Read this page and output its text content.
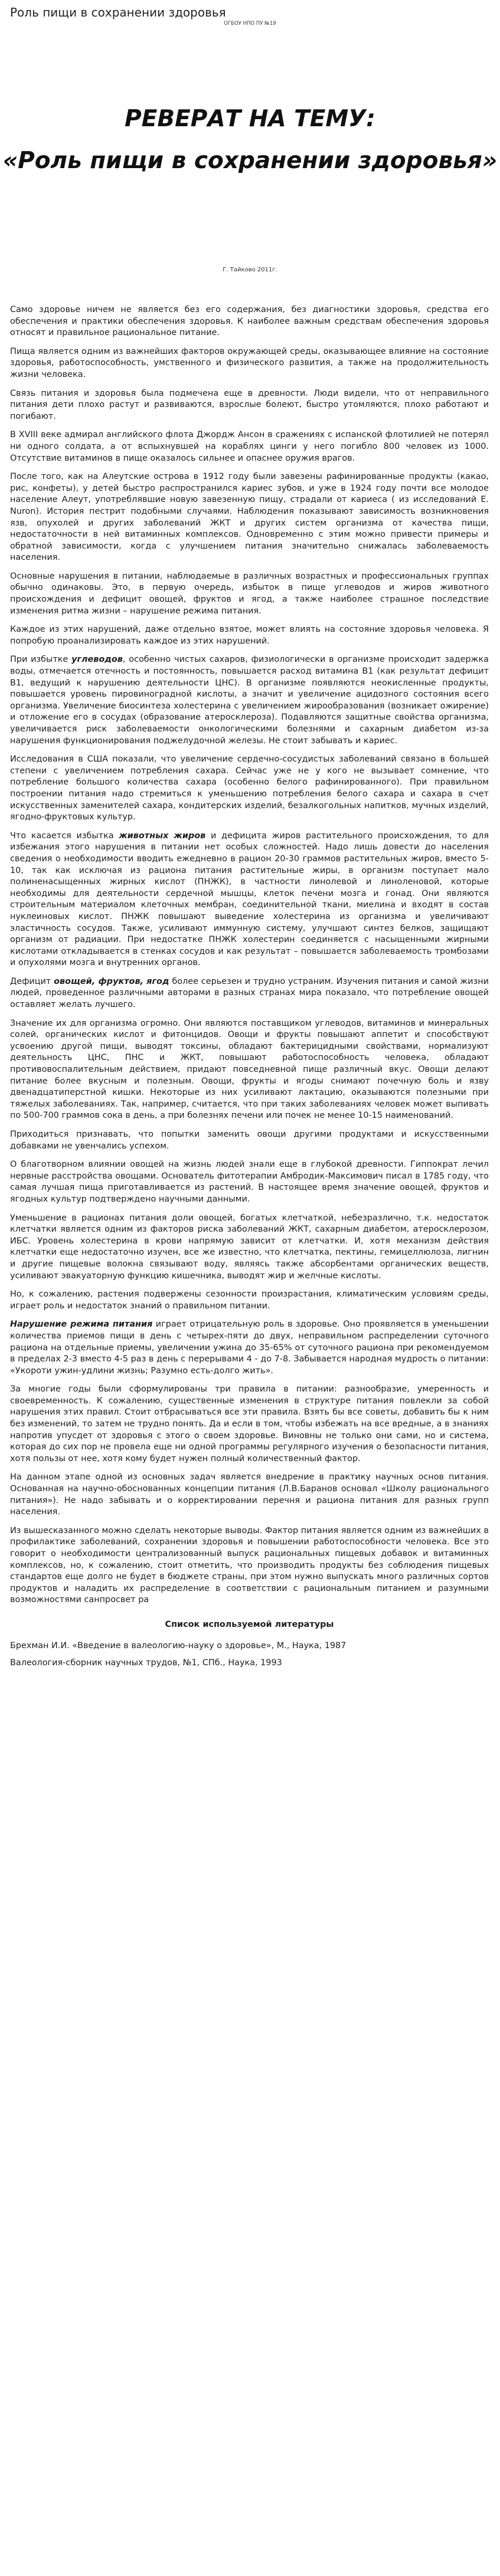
Роль пищи в сохранении здоровья
ОГБОУ НПО ПУ №19
РЕВЕРАТ НА ТЕМУ:
«Роль пищи в сохранении здоровья»
Г. Тайково 2011г.

Само здоровье ничем не является без его содержания, без диагностики здоровья, средства его обеспечения и практики обеспечения здоровья. К наиболее важным средствам обеспечения здоровья относят и правильное рациональное питание.

Пища является одним из важнейших факторов окружающей среды, оказывающее влияние на состояние здоровья, работоспособность, умственного и физического развития, а также на продолжительность жизни человека.

Связь питания и здоровья была подмечена еще в древности. Люди видели, что от неправильного питания дети плохо растут и развиваются, взрослые болеют, быстро утомляются, плохо работают и погибают.

В XVIII веке адмирал английского флота Джордж Ансон в сражениях с испанской флотилией не потерял ни одного солдата, а от вспыхнувшей на кораблях цинги у него погибло 800 человек из 1000. Отсутствие витаминов в пище оказалось сильнее и опаснее оружия врагов.

После того, как на Алеутские острова в 1912 году были завезены рафинированные продукты (какао, рис, конфеты), у детей быстро распространился кариес зубов, и уже в 1924 году почти все молодое население Алеут, употреблявшие новую завезенную пищу, страдали от кариеса ( из исследований Е. Nuron). История пестрит подобными случаями. Наблюдения показывают зависимость возникновения язв, опухолей и других заболеваний ЖКТ и других систем организма от качества пищи, недостаточности в ней витаминных комплексов. Одновременно с этим можно привести примеры и обратной зависимости, когда с улучшением питания значительно снижалась заболеваемость населения.

Основные нарушения в питании, наблюдаемые в различных возрастных и профессиональных группах обычно одинаковы. Это, в первую очередь, избыток в пище углеводов и жиров животного происхождения и дефицит овощей, фруктов и ягод, а также наиболее страшное последствие изменения ритма жизни – нарушение режима питания.

Каждое из этих нарушений, даже отдельно взятое, может влиять на состояние здоровья человека. Я попробую проанализировать каждое из этих нарушений.

При избытке углеводов, особенно чистых сахаров, физиологически в организме происходит задержка воды, отмечается отечность и постоянность, повышается расход витамина B1 (как результат дефицит B1, ведущий к нарушению деятельности ЦНС). В организме появляются неокисленные продукты, повышается уровень пировиноградной кислоты, а значит и увеличение ацидозного состояния всего организма. Увеличение биосинтеза холестерина с увеличением жирообразования (возникает ожирение) и отложение его в сосудах (образование атеросклероза). Подавляются защитные свойства организма, увеличивается риск заболеваемости онкологическими болезнями и сахарным диабетом из-за нарушения функционирования поджелудочной железы. Не стоит забывать и кариес.

Исследования в США показали, что увеличение сердечно-сосудистых заболеваний связано в большей степени с увеличением потребления сахара. Сейчас уже не у кого не вызывает сомнение, что потребление большого количества сахара (особенно белого рафинированного). При правильном построении питания надо стремиться к уменьшению потребления белого сахара и сахара в счет искусственных заменителей сахара, кондитерских изделий, безалкогольных напитков, мучных изделий, ягодно-фруктовых культур.

Что касается избытка животных жиров и дефицита жиров растительного происхождения, то для избежания этого нарушения в питании нет особых сложностей. Надо лишь довести до населения сведения о необходимости вводить ежедневно в рацион 20-30 граммов растительных жиров, вместо 5-10, так как исключая из рациона питания растительные жиры, в организм поступает мало полиненасыщенных жирных кислот (ПНЖК), в частности линолевой и линоленовой, которые необходимы для деятельности сердечной мышцы, клеток печени мозга и гонад. Они являются строительным материалом клеточных мембран, соединительной ткани, миелина и входят в состав нуклеиновых кислот. ПНЖК повышают выведение холестерина из организма и увеличивают эластичность сосудов. Также, усиливают иммунную систему, улучшают синтез белков, защищают организм от радиации. При недостатке ПНЖК холестерин соединяется с насыщенными жирными кислотами откладывается в стенках сосудов и как результат – повышается заболеваемость тромбозами и опухолями мозга и внутренних органов.

Дефицит овощей, фруктов, ягод более серьезен и трудно устраним. Изучения питания и самой жизни людей, проведенное различными авторами в разных странах мира показало, что потребление овощей оставляет желать лучшего.

Значение их для организма огромно. Они являются поставщиком углеводов, витаминов и минеральных солей, органических кислот и фитонцидов. Овощи и фрукты повышают аппетит и способствуют усвоению другой пищи, выводят токсины, обладают бактерицидными свойствами, нормализуют деятельность ЦНС, ПНС и ЖКТ, повышают работоспособность человека, обладают противовоспалительным действием, придают повседневной пище различный вкус. Овощи делают питание более вкусным и полезным. Овощи, фрукты и ягоды снимают почечную боль и язву двенадцатиперстной кишки. Некоторые из них усиливают лактацию, оказываются полезными при тяжелых заболеваниях. Так, например, считается, что при таких заболеваниях человек может выпивать по 500-700 граммов сока в день, а при болезнях печени или почек не менее 10-15 наименований.

Приходиться признавать, что попытки заменить овощи другими продуктами и искусственными добавками не увенчались успехом.

О благотворном влиянии овощей на жизнь людей знали еще в глубокой древности. Гиппократ лечил нервные расстройства овощами. Основатель фитотерапии Амбродик-Максимович писал в 1785 году, что самая лучшая пища приготавливается из растений. В настоящее время значение овощей, фруктов и ягодных культур подтверждено научными данными.

Уменьшение в рационах питания доли овощей, богатых клетчаткой, небезразлично, т.к. недостаток клетчатки является одним из факторов риска заболеваний ЖКТ, сахарным диабетом, атеросклерозом, ИБС. Уровень холестерина в крови напрямую зависит от клетчатки. И, хотя механизм действия клетчатки еще недостаточно изучен, все же известно, что клетчатка, пектины, гемицеллюлоза, лигнин и другие пищевые волокна связывают воду, являясь также абсорбентами органических веществ, усиливают эвакуаторную функцию кишечника, выводят жир и желчные кислоты.

Но, к сожалению, растения подвержены сезонности произрастания, климатическим условиям среды, играет роль и недостаток знаний о правильном питании.

Нарушение режима питания играет отрицательную роль в здоровье. Оно проявляется в уменьшении количества приемов пищи в день с четырех-пяти до двух, неправильном распределении суточного рациона на отдельные приемы, увеличении ужина до 35-65% от суточного рациона при рекомендуемом в пределах 2-3 вместо 4-5 раз в день с перерывами 4 - до 7-8. Забывается народная мудрость о питании: «Укороти ужин-удлини жизнь; Разумно есть-долго жить».

За многие годы были сформулированы три правила в питании: разнообразие, умеренность и своевременность. К сожалению, существенные изменения в структуре питания повлекли за собой нарушения этих правил. Стоит отбрасываться все эти правила. Взять бы все советы, добавить бы к ним без изменений, то затем не трудно понять. Да и если в том, чтобы избежать на все вредные, а в знаниях напротив упусдет от здоровья с этого о своем здоровье. Виновны не только они сами, но и система, которая до сих пор не провела еще ни одной программы регулярного изучения о безопасности питания, хотя пользы от нее, хотя кому будет нужен полный количественный фактор.

На данном этапе одной из основных задач является внедрение в практику научных основ питания. Основанная на научно-обоснованных концепции питания (Л.В.Баранов основал «Школу рационального питания»). Не надо забывать и о корректировании перечня и рациона питания для разных групп населения.

Из вышесказанного можно сделать некоторые выводы. Фактор питания является одним из важнейших в профилактике заболеваний, сохранении здоровья и повышении работоспособности человека. Все это говорит о необходимости централизованный выпуск рациональных пищевых добавок и витаминных комплексов, но, к сожалению, стоит отметить, что производить продукты без соблюдения пищевых стандартов еще долго не будет в бюджете страны, при этом нужно выпускать много различных сортов продуктов и наладить их распределение в соответствии с рациональным питанием и разумными возможностями санпросвет ра

Список используемой литературы
Брехман И.И. «Введение в валеологию-науку о здоровье», М., Наука, 1987
Валеология-сборник научных трудов, №1, СПб., Наука, 1993
